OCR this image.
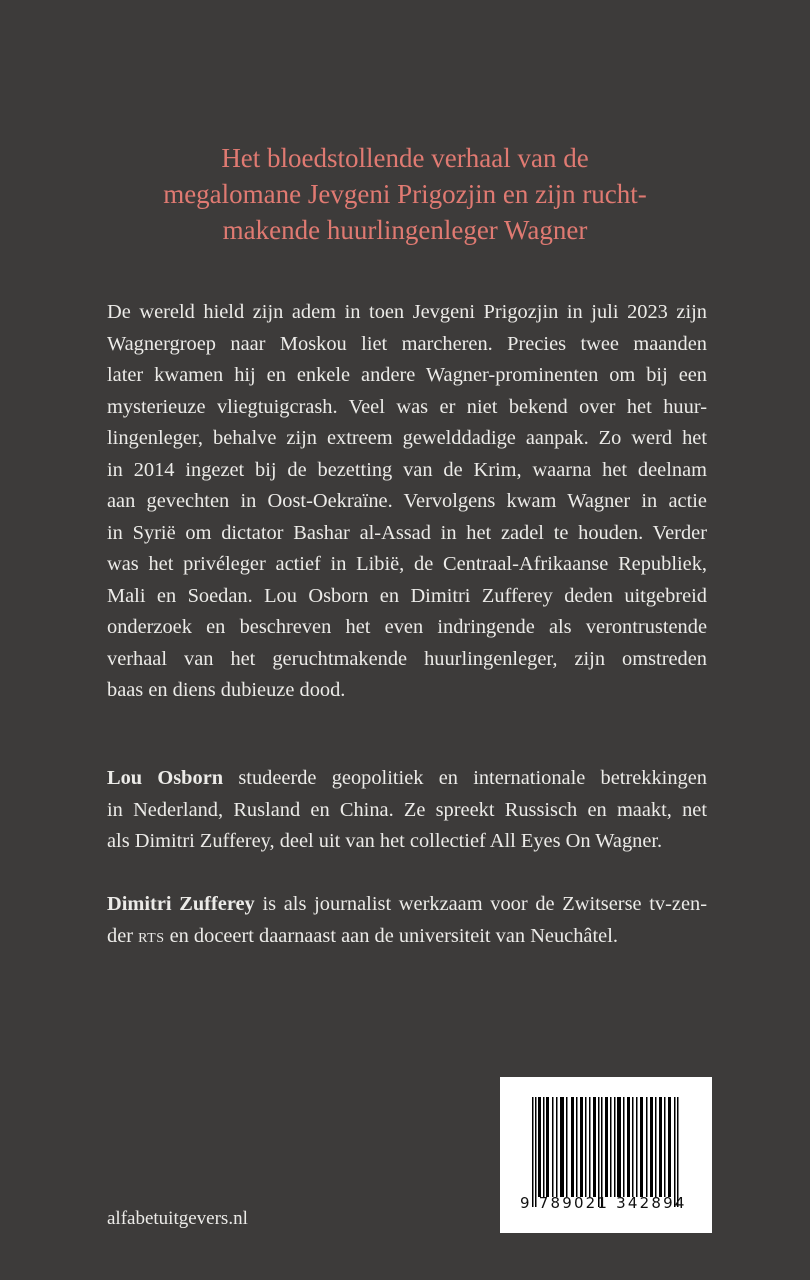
Het bloedstollende verhaal van de
megalomane Jevgeni Prigozjin en zijn rucht-
makende huurlingenleger Wagner
De wereld hield zijn adem in toen Jevgeni Prigozjin in juli 2023 zijn
Wagnergroep naar Moskou liet marcheren. Precies twee maanden
later kwamen hij en enkele andere Wagner-prominenten om bij een
mysterieuze vliegtuigcrash. Veel was er niet bekend over het huur-
lingenleger, behalve zijn extreem gewelddadige aanpak. Zo werd het
in 2014 ingezet bij de bezetting van de Krim, waarna het deelnam
aan gevechten in Oost-Oekraïne. Vervolgens kwam Wagner in actie
in Syrië om dictator Bashar al-Assad in het zadel te houden. Verder
was het privéleger actief in Libië, de Centraal-Afrikaanse Republiek,
Mali en Soedan. Lou Osborn en Dimitri Zufferey deden uitgebreid
onderzoek en beschreven het even indringende als verontrustende
verhaal van het geruchtmakende huurlingenleger, zijn omstreden
baas en diens dubieuze dood.
Lou Osborn studeerde geopolitiek en internationale betrekkingen
in Nederland, Rusland en China. Ze spreekt Russisch en maakt, net
als Dimitri Zufferey, deel uit van het collectief All Eyes On Wagner.
Dimitri Zufferey is als journalist werkzaam voor de Zwitserse tv-zen-
der rts en doceert daarnaast aan de universiteit van Neuchâtel.
9 789021 342894
alfabetuitgevers.nl
